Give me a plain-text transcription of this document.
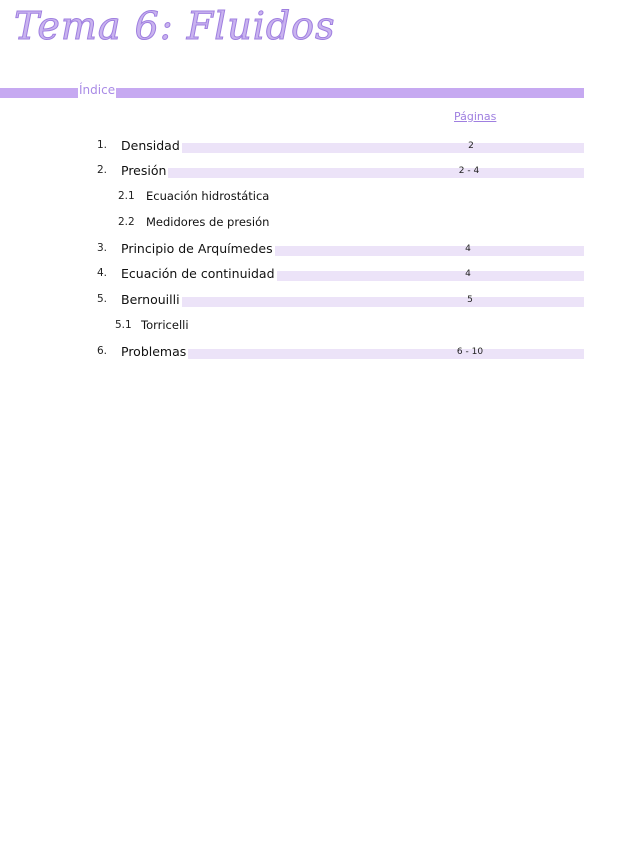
Tema 6: Fluidos
Índice
Páginas
1. Densidad	2
2. Presión	2 - 4
2.1 Ecuación hidrostática
2.2 Medidores de presión
3. Principio de Arquímedes	4
4. Ecuación de continuidad	4
5. Bernouilli	5
5.1 Torricelli
6. Problemas	6 - 10
